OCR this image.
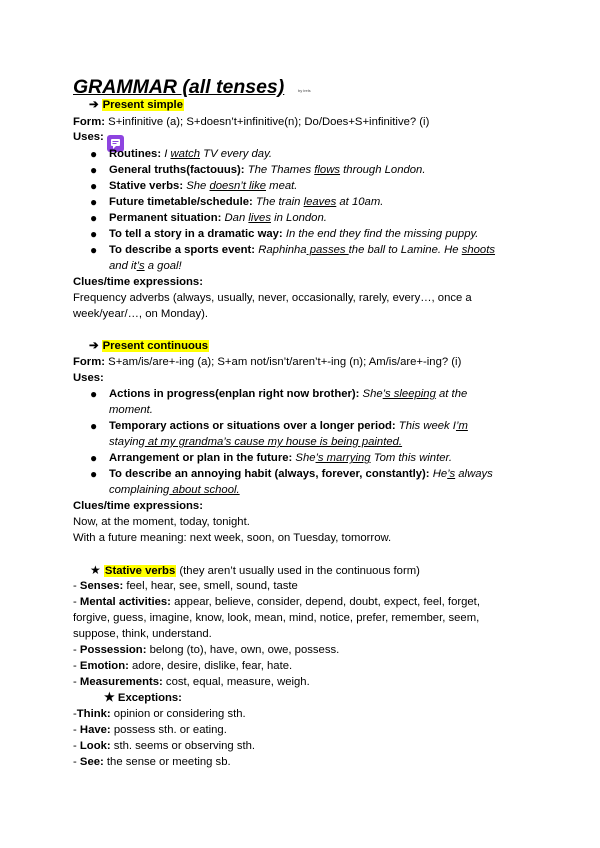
GRAMMAR (all tenses)	by irels
➔ Present simple
Form: S+infinitive (a); S+doesn’t+infinitive(n); Do/Does+S+infinitive? (i)
Uses:
● Routines: I watch TV every day.
● General truths(factouus): The Thames flows through London.
● Stative verbs: She doesn’t like meat.
● Future timetable/schedule: The train leaves at 10am.
● Permanent situation: Dan lives in London.
● To tell a story in a dramatic way: In the end they find the missing puppy.
● To describe a sports event: Raphinha passes the ball to Lamine. He shoots
and it’s a goal!
Clues/time expressions:
Frequency adverbs (always, usually, never, occasionally, rarely, every…, once a
week/year/…, on Monday).
➔ Present continuous
Form: S+am/is/are+-ing (a); S+am not/isn’t/aren’t+-ing (n); Am/is/are+-ing? (i)
Uses:
● Actions in progress(enplan right now brother): She’s sleeping at the
moment.
● Temporary actions or situations over a longer period: This week I’m
staying at my grandma’s cause my house is being painted.
● Arrangement or plan in the future: She’s marrying Tom this winter.
● To describe an annoying habit (always, forever, constantly): He’s always
complaining about school.
Clues/time expressions:
Now, at the moment, today, tonight.
With a future meaning: next week, soon, on Tuesday, tomorrow.
★ Stative verbs (they aren’t usually used in the continuous form)
- Senses: feel, hear, see, smell, sound, taste
- Mental activities: appear, believe, consider, depend, doubt, expect, feel, forget,
forgive, guess, imagine, know, look, mean, mind, notice, prefer, remember, seem,
suppose, think, understand.
- Possession: belong (to), have, own, owe, possess.
- Emotion: adore, desire, dislike, fear, hate.
- Measurements: cost, equal, measure, weigh.
★ Exceptions:
-Think: opinion or considering sth.
- Have: possess sth. or eating.
- Look: sth. seems or observing sth.
- See: the sense or meeting sb.
